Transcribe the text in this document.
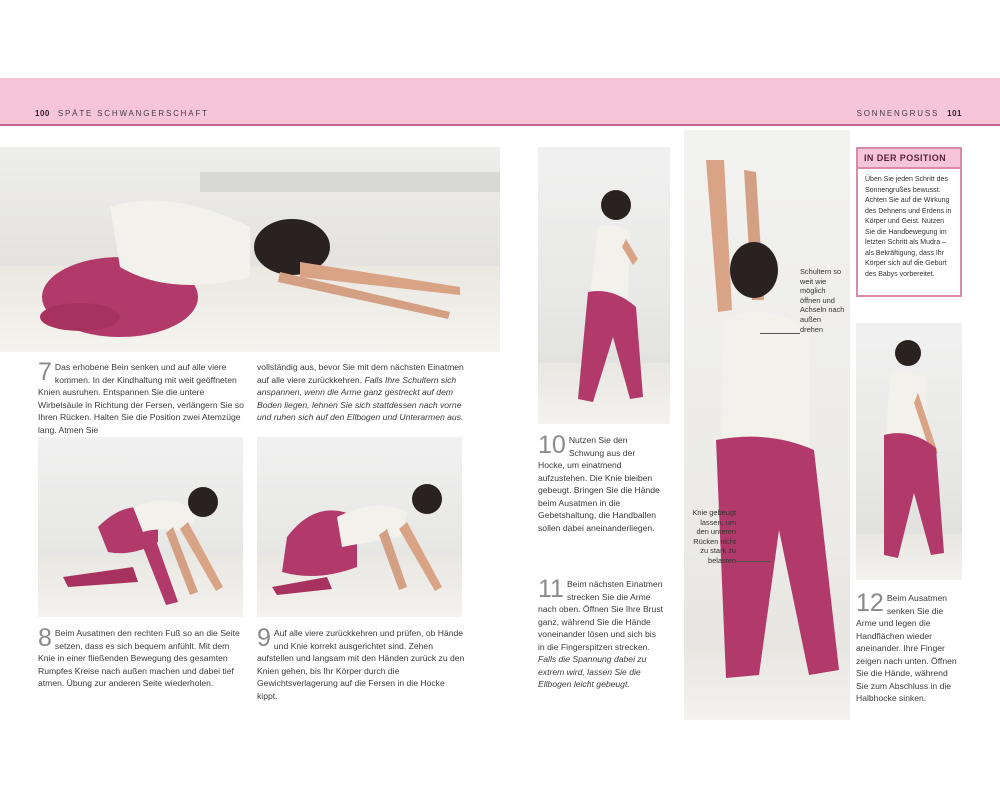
100 SPÄTE SCHWANGERSCHAFT	SONNENGRUSS 101
7 Das erhobene Bein senken und auf alle viere kommen. In der Kindhaltung mit weit geöffneten Knien ausruhen. Entspannen Sie die untere Wirbelsäule in Richtung der Fersen, verlängern Sie so Ihren Rücken. Halten Sie die Position zwei Atemzüge lang. Atmen Sie
vollständig aus, bevor Sie mit dem nächsten Einatmen auf alle viere zurückkehren. Falls Ihre Schultern sich anspannen, wenn die Arme ganz gestreckt auf dem Boden liegen, lehnen Sie sich stattdessen nach vorne und ruhen sich auf den Ellbogen und Unterarmen aus.
8 Beim Ausatmen den rechten Fuß so an die Seite setzen, dass es sich bequem anfühlt. Mit dem Knie in einer fließenden Bewegung des gesamten Rumpfes Kreise nach außen machen und dabei tief atmen. Übung zur anderen Seite wiederholen.
9 Auf alle viere zurückkehren und prüfen, ob Hände und Knie korrekt ausgerichtet sind. Zehen aufstellen und langsam mit den Händen zurück zu den Knien gehen, bis Ihr Körper durch die Gewichtsverlagerung auf die Fersen in die Hocke kippt.
10 Nutzen Sie den Schwung aus der Hocke, um einatmend aufzustehen. Die Knie bleiben gebeugt. Bringen Sie die Hände beim Ausatmen in die Gebetshaltung, die Handballen sollen dabei aneinanderliegen.
11 Beim nächsten Einatmen strecken Sie die Arme nach oben. Öffnen Sie Ihre Brust ganz, während Sie die Hände voneinander lösen und sich bis in die Fingerspitzen strecken. Falls die Spannung dabei zu extrem wird, lassen Sie die Ellbogen leicht gebeugt.
Schultern so weit wie möglich öffnen und Achseln nach außen drehen
Knie gebeugt lassen, um den unteren Rücken nicht zu stark zu belasten
IN DER POSITION
Üben Sie jeden Schritt des Sonnengrußes bewusst. Achten Sie auf die Wirkung des Dehnens und Erdens in Körper und Geist. Nutzen Sie die Handbewegung im letzten Schritt als Mudra – als Bekräftigung, dass Ihr Körper sich auf die Geburt des Babys vorbereitet.
12 Beim Ausatmen senken Sie die Arme und legen die Handflächen wieder aneinander. Ihre Finger zeigen nach unten. Öffnen Sie die Hände, während Sie zum Abschluss in die Halbhocke sinken.
